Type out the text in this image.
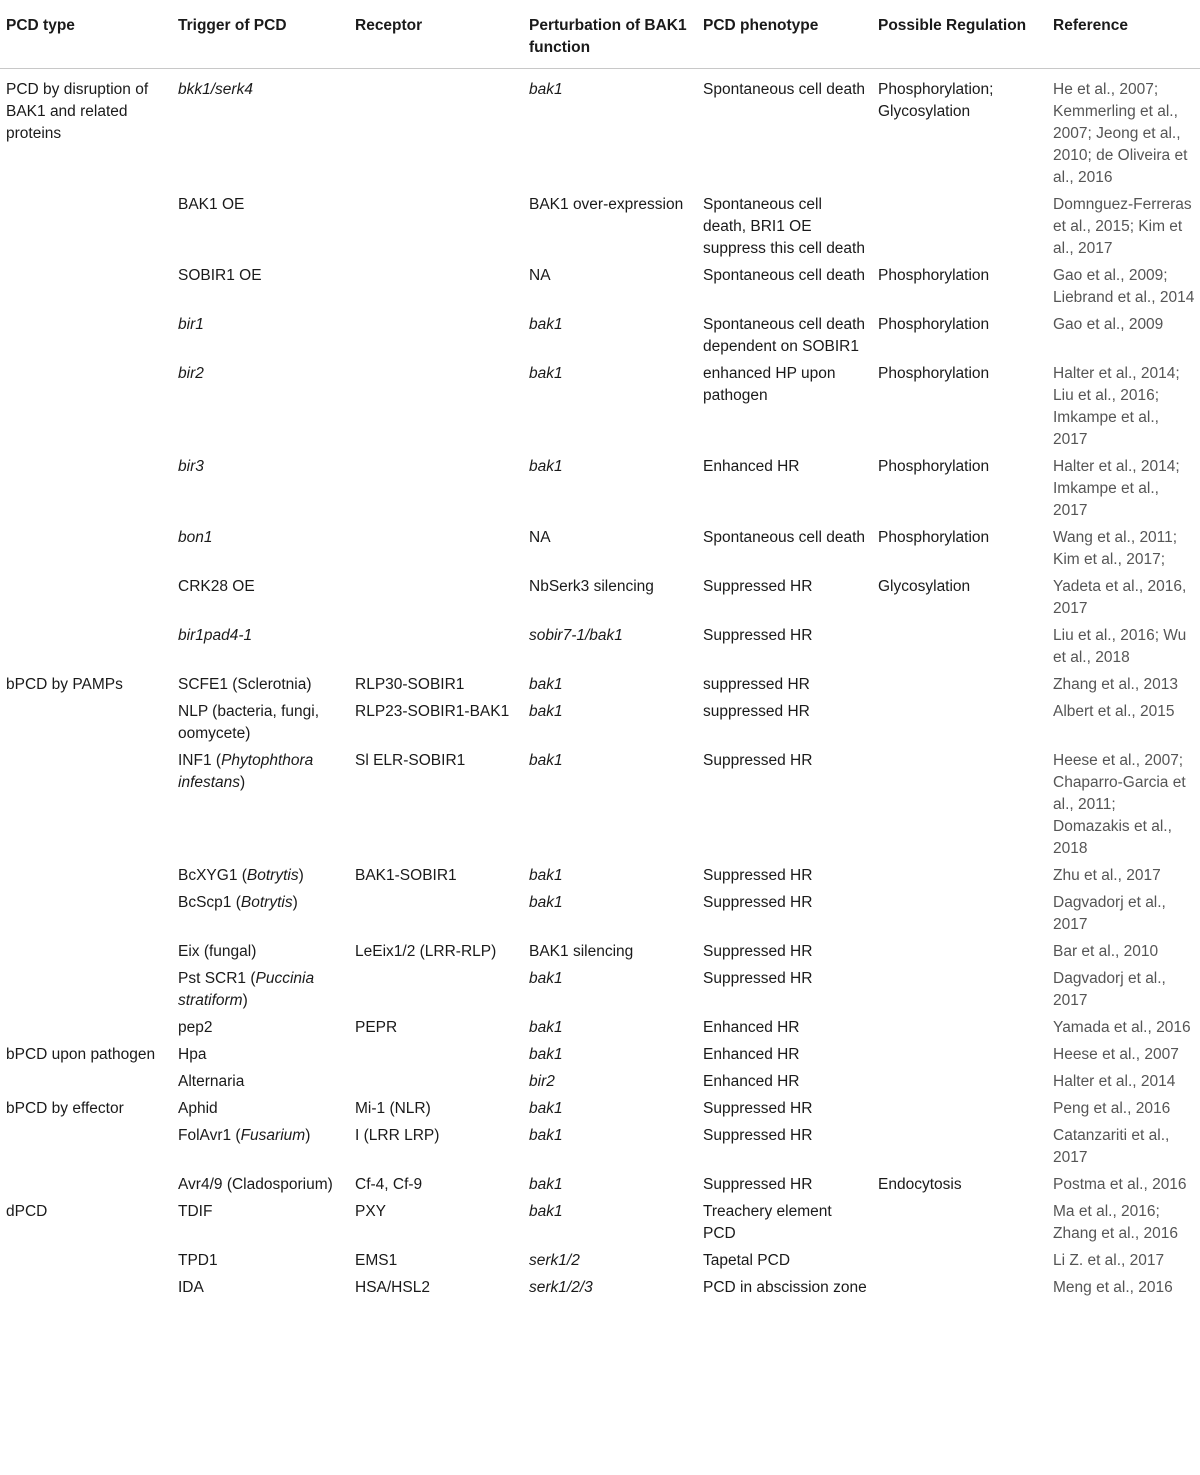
PCD type	Trigger of PCD	Receptor	Perturbation of BAK1 function	PCD phenotype	Possible Regulation	Reference
PCD by disruption of BAK1 and related proteins	bkk1/serk4		bak1	Spontaneous cell death	Phosphorylation; Glycosylation	He et al., 2007; Kemmerling et al., 2007; Jeong et al., 2010; de Oliveira et al., 2016
	BAK1 OE		BAK1 over-expression	Spontaneous cell death, BRI1 OE suppress this cell death		Domnguez-Ferreras et al., 2015; Kim et al., 2017
	SOBIR1 OE		NA	Spontaneous cell death	Phosphorylation	Gao et al., 2009; Liebrand et al., 2014
	bir1		bak1	Spontaneous cell death dependent on SOBIR1	Phosphorylation	Gao et al., 2009
	bir2		bak1	enhanced HP upon pathogen	Phosphorylation	Halter et al., 2014; Liu et al., 2016; Imkampe et al., 2017
	bir3		bak1	Enhanced HR	Phosphorylation	Halter et al., 2014; Imkampe et al., 2017
	bon1		NA	Spontaneous cell death	Phosphorylation	Wang et al., 2011; Kim et al., 2017;
	CRK28 OE		NbSerk3 silencing	Suppressed HR	Glycosylation	Yadeta et al., 2016, 2017
	bir1pad4-1		sobir7-1/bak1	Suppressed HR		Liu et al., 2016; Wu et al., 2018
bPCD by PAMPs	SCFE1 (Sclerotnia)	RLP30-SOBIR1	bak1	suppressed HR		Zhang et al., 2013
	NLP (bacteria, fungi, oomycete)	RLP23-SOBIR1-BAK1	bak1	suppressed HR		Albert et al., 2015
	INF1 (Phytophthora infestans)	Sl ELR-SOBIR1	bak1	Suppressed HR		Heese et al., 2007; Chaparro-Garcia et al., 2011; Domazakis et al., 2018
	BcXYG1 (Botrytis)	BAK1-SOBIR1	bak1	Suppressed HR		Zhu et al., 2017
	BcScp1 (Botrytis)		bak1	Suppressed HR		Dagvadorj et al., 2017
	Eix (fungal)	LeEix1/2 (LRR-RLP)	BAK1 silencing	Suppressed HR		Bar et al., 2010
	Pst SCR1 (Puccinia stratiform)		bak1	Suppressed HR		Dagvadorj et al., 2017
	pep2	PEPR	bak1	Enhanced HR		Yamada et al., 2016
bPCD upon pathogen	Hpa		bak1	Enhanced HR		Heese et al., 2007
	Alternaria		bir2	Enhanced HR		Halter et al., 2014
bPCD by effector	Aphid	Mi-1 (NLR)	bak1	Suppressed HR		Peng et al., 2016
	FolAvr1 (Fusarium)	I (LRR LRP)	bak1	Suppressed HR		Catanzariti et al., 2017
	Avr4/9 (Cladosporium)	Cf-4, Cf-9	bak1	Suppressed HR	Endocytosis	Postma et al., 2016
dPCD	TDIF	PXY	bak1	Treachery element PCD		Ma et al., 2016; Zhang et al., 2016
	TPD1	EMS1	serk1/2	Tapetal PCD		Li Z. et al., 2017
	IDA	HSA/HSL2	serk1/2/3	PCD in abscission zone		Meng et al., 2016
